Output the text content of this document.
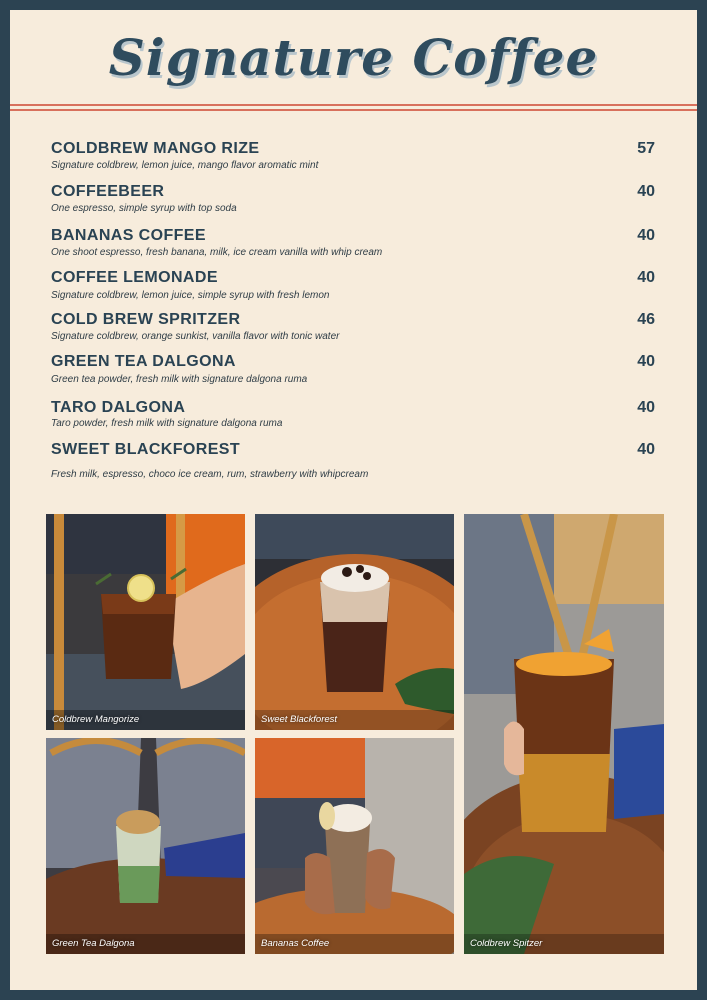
Signature Coffee
COLDBREW MANGO RIZE	57
Signature coldbrew, lemon juice, mango flavor aromatic mint
COFFEEBEER	40
One espresso, simple syrup with top soda
BANANAS COFFEE	40
One shoot espresso, fresh banana, milk, ice cream vanilla with whip cream
COFFEE LEMONADE	40
Signature coldbrew, lemon juice, simple syrup with fresh lemon
COLD BREW SPRITZER	46
Signature coldbrew, orange sunkist, vanilla flavor with tonic water
GREEN TEA DALGONA	40
Green tea powder, fresh milk with signature dalgona ruma
TARO DALGONA	40
Taro powder, fresh milk with signature dalgona ruma
SWEET BLACKFOREST	40
Fresh milk, espresso, choco ice cream, rum, strawberry with whipcream
Coldbrew Mangorize	Sweet Blackforest
Green Tea Dalgona	Bananas Coffee	Coldbrew Spitzer
